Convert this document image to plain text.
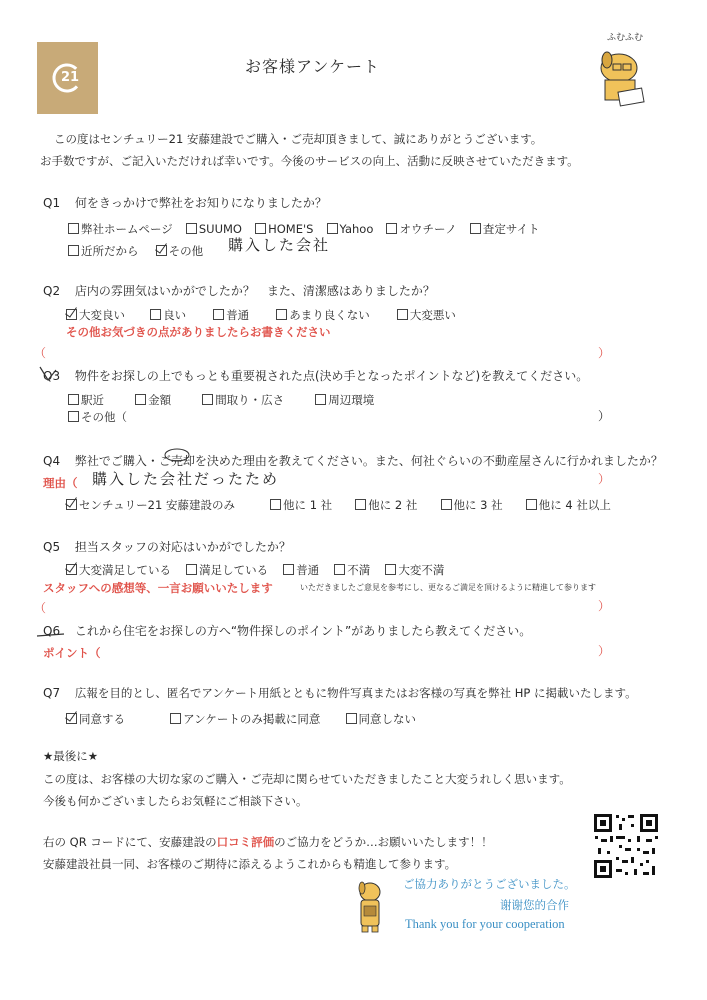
21
お客様アンケート
ふむふむ
この度はセンチュリー21 安藤建設でご購入・ご売却頂きまして、誠にありがとうございます。
お手数ですが、ご記入いただければ幸いです。今後のサービスの向上、活動に反映させていただきます。
Q1 何をきっかけで弊社をお知りになりましたか？
弊社ホームページ SUUMO HOME'S Yahoo オウチーノ 査定サイト
近所だから	その他	購入した会社
Q2 店内の雰囲気はいかがでしたか？　また、清潔感はありましたか？
大変良い	良い	普通	あまり良くない	大変悪い
その他お気づきの点がありましたらお書きください
（	）
Q3 物件をお探しの上でもっとも重要視された点(決め手となったポイントなど)を教えてください。
駅近	金額	間取り・広さ	周辺環境
その他（	）
Q4 弊社でご購入・ご売却を決めた理由を教えてください。また、何社ぐらいの不動産屋さんに行かれましたか？
理由（ 購入した会社だったため	）
センチュリー21 安藤建設のみ	他に 1 社	他に 2 社	他に 3 社	他に 4 社以上
Q5 担当スタッフの対応はいかがでしたか？
大変満足している 満足している 普通 不満 大変不満
スタッフへの感想等、一言お願いいたします	いただきましたご意見を参考にし、更なるご満足を頂けるように精進して参ります
（	）
Q6 これから住宅をお探しの方へ“物件探しのポイント”がありましたら教えてください。
ポイント（	）
Q7 広報を目的とし、匿名でアンケート用紙とともに物件写真またはお客様の写真を弊社 HP に掲載いたします。
同意する	アンケートのみ掲載に同意	同意しない
★最後に★
この度は、お客様の大切な家のご購入・ご売却に関らせていただきましたこと大変うれしく思います。
今後も何かございましたらお気軽にご相談下さい。
右の QR コードにて、安藤建設の口コミ評価のご協力をどうか…お願いいたします！！
安藤建設社員一同、お客様のご期待に添えるようこれからも精進して参ります。
ご協力ありがとうございました。
谢谢您的合作
Thank you for your cooperation
